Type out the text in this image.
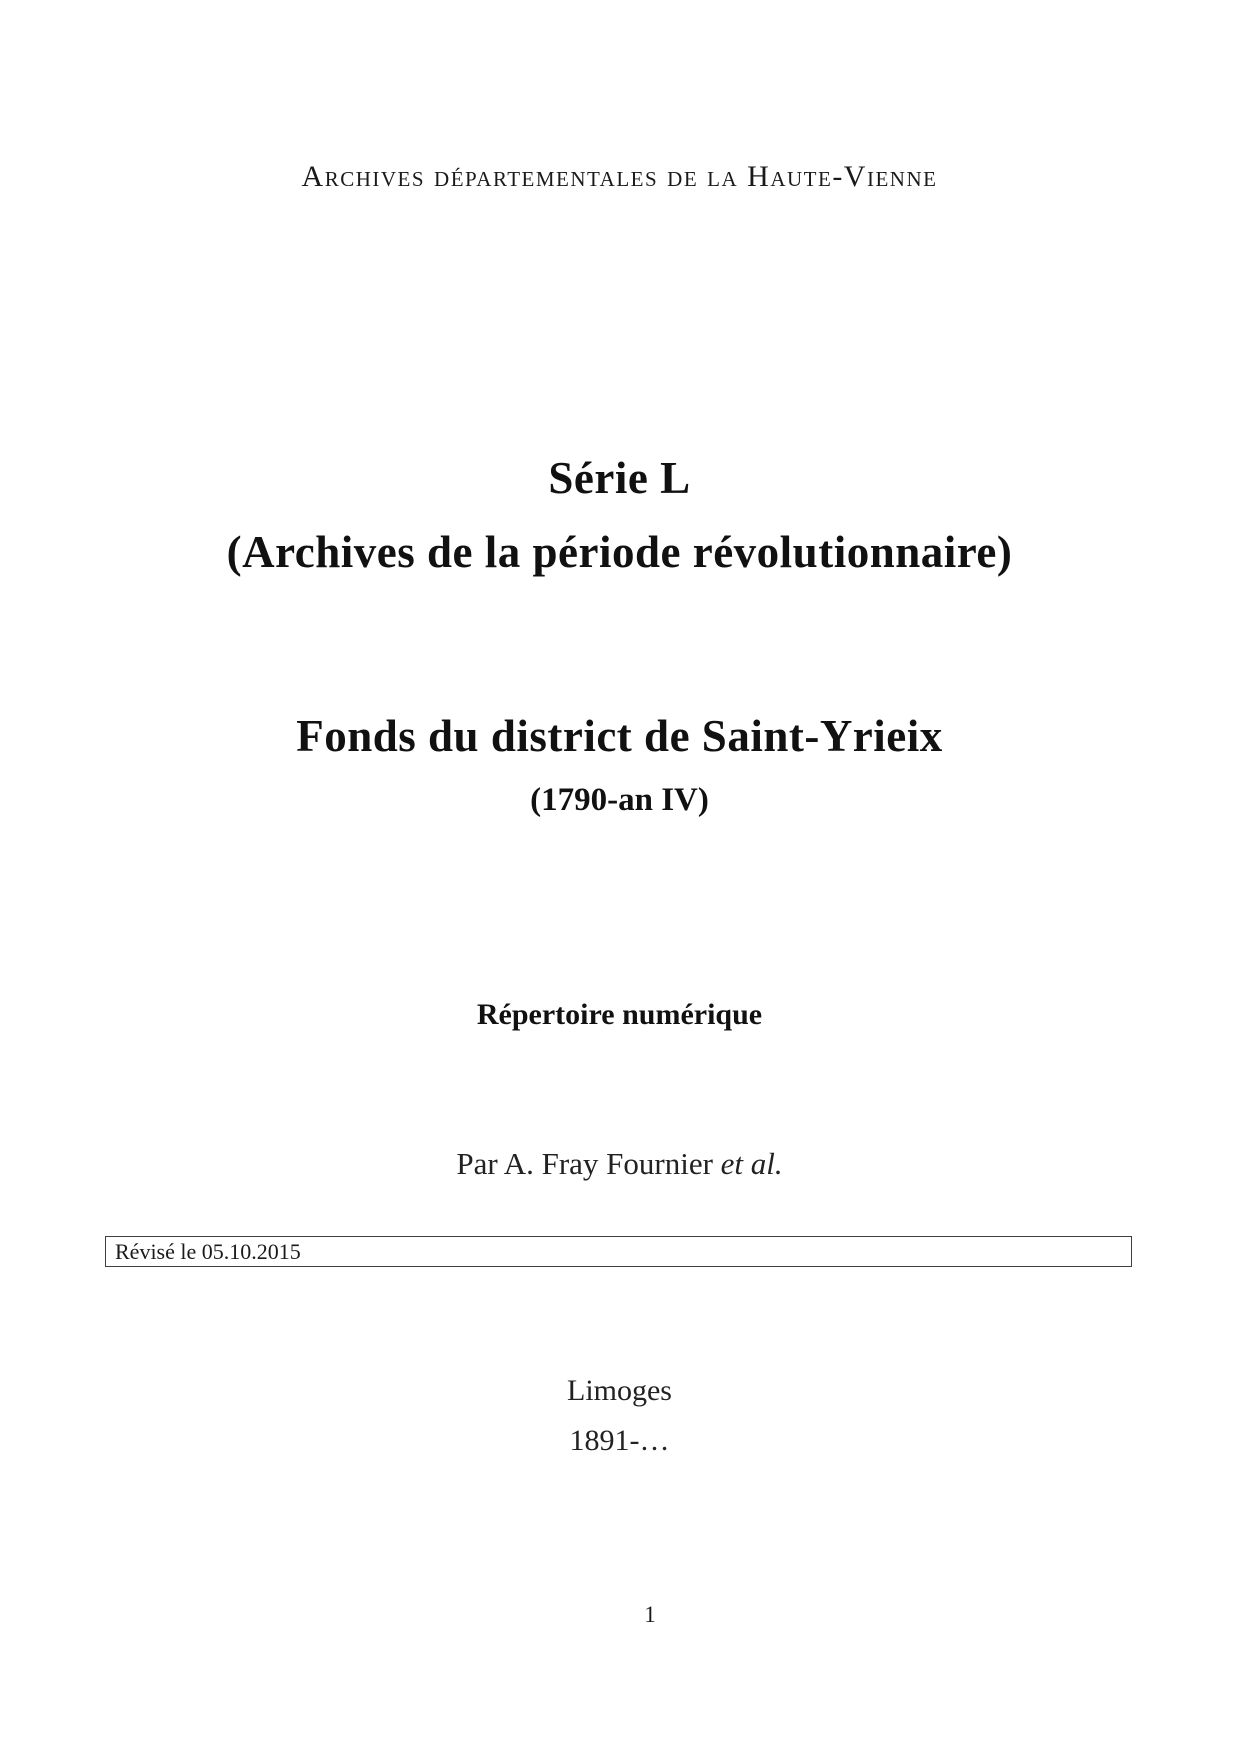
Archives départementales de la Haute-Vienne
Série L
(Archives de la période révolutionnaire)
Fonds du district de Saint-Yrieix
(1790-an IV)
Répertoire numérique
Par A. Fray Fournier et al.
Révisé le 05.10.2015
Limoges
1891-…
1
